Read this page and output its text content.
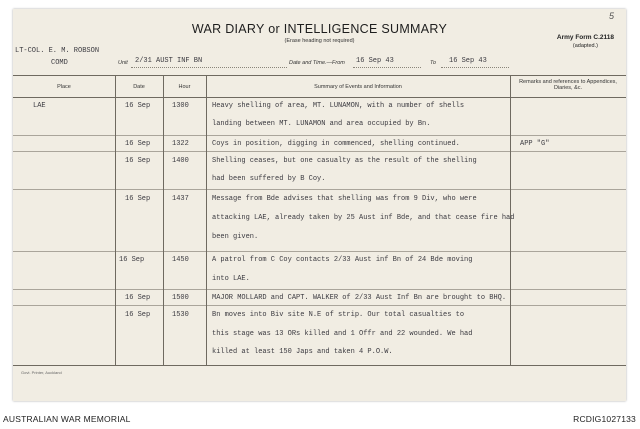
5
WAR DIARY or INTELLIGENCE SUMMARY
(Erase heading not required)	Army Form C.2118
(adapted.)
LT-COL. E. M. ROBSON
COMD	Unit 2/31 AUST INF BN	Date and Time.—From 16 Sep 43	To 16 Sep 43
Place	Date	Hour	Summary of Events and Information
Remarks and references to Appendices, Diaries, &c.
LAE	16 Sep	1300	Heavy shelling of area, MT. LUNAMON, with a number of shells
landing between MT. LUNAMON and area occupied by Bn.
16 Sep	1322	Coys in position, digging in commenced, shelling continued.	APP "G"
16 Sep	1400	Shelling ceases, but one casualty as the result of the shelling
had been suffered by B Coy.
16 Sep	1437	Message from Bde advises that shelling was from 9 Div, who were
attacking LAE, already taken by 25 Aust inf Bde, and that cease fire had
been given.
16 Sep	1450	A patrol from C Coy contacts 2/33 Aust inf Bn of 24 Bde moving
into LAE.
16 Sep	1500	MAJOR MOLLARD and CAPT. WALKER of 2/33 Aust Inf Bn are brought to BHQ.
16 Sep	1530	Bn moves into Biv site N.E of strip. Our total casualties to
this stage was 13 ORs killed and 1 Offr and 22 wounded. We had
killed at least 150 Japs and taken 4 P.O.W.
Govt. Printer, Auckland
AUSTRALIAN WAR MEMORIAL	RCDIG1027133
